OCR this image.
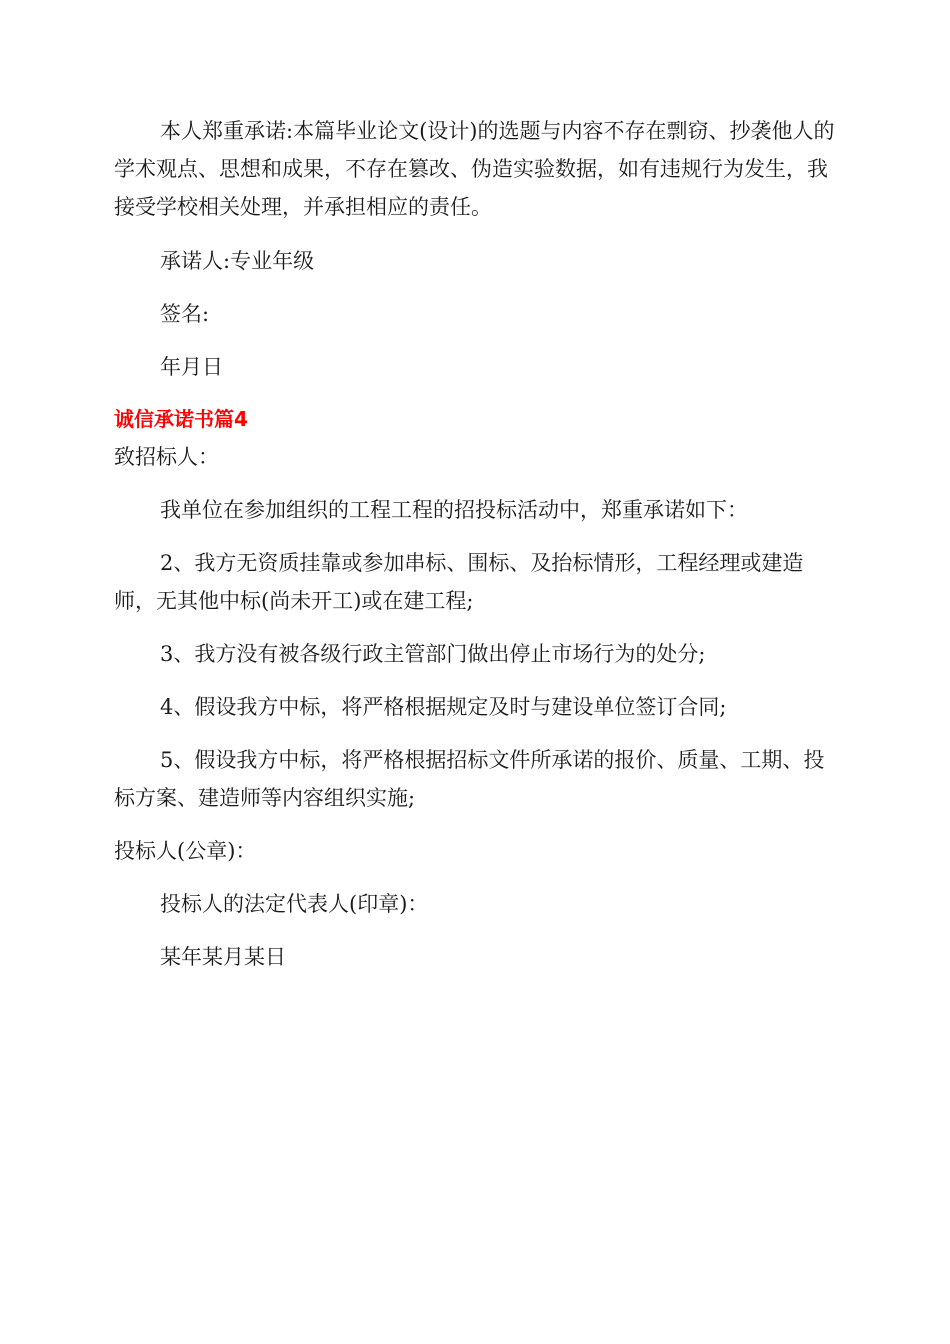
本人郑重承诺:本篇毕业论文(设计)的选题与内容不存在剽窃、抄袭他人的学术观点、思想和成果，不存在篡改、伪造实验数据，如有违规行为发生，我接受学校相关处理，并承担相应的责任。

承诺人:专业年级

签名:

年月日

诚信承诺书篇4

致招标人：

我单位在参加组织的工程工程的招投标活动中，郑重承诺如下：

2、我方无资质挂靠或参加串标、围标、及抬标情形，工程经理或建造师，无其他中标(尚未开工)或在建工程;

3、我方没有被各级行政主管部门做出停止市场行为的处分;

4、假设我方中标，将严格根据规定及时与建设单位签订合同;

5、假设我方中标，将严格根据招标文件所承诺的报价、质量、工期、投标方案、建造师等内容组织实施;

投标人(公章)：

投标人的法定代表人(印章)：

某年某月某日
